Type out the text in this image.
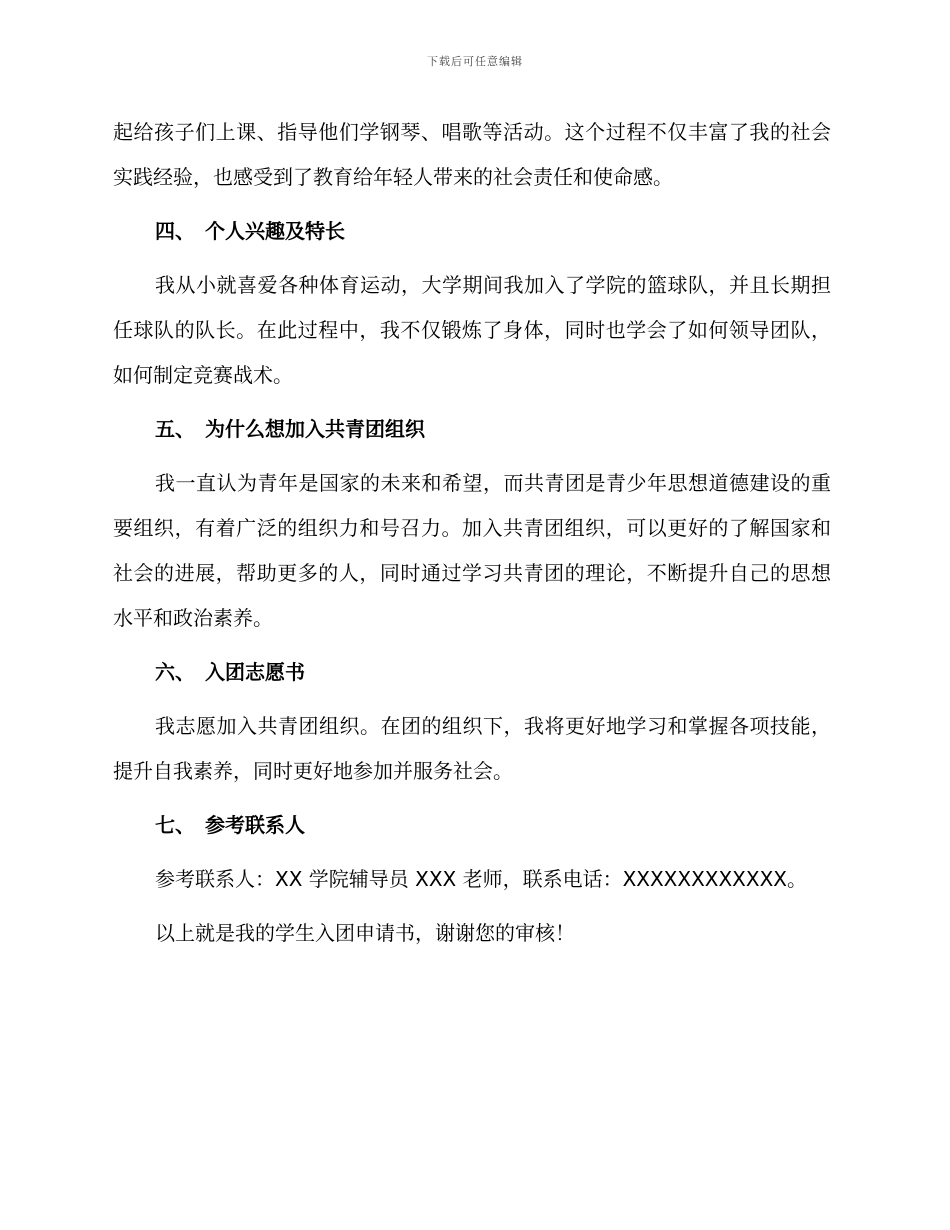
下载后可任意编辑

起给孩子们上课、指导他们学钢琴、唱歌等活动。这个过程不仅丰富了我的社会实践经验，也感受到了教育给年轻人带来的社会责任和使命感。

四、 个人兴趣及特长

我从小就喜爱各种体育运动，大学期间我加入了学院的篮球队，并且长期担任球队的队长。在此过程中，我不仅锻炼了身体，同时也学会了如何领导团队，如何制定竞赛战术。

五、 为什么想加入共青团组织

我一直认为青年是国家的未来和希望，而共青团是青少年思想道德建设的重要组织，有着广泛的组织力和号召力。加入共青团组织，可以更好的了解国家和社会的进展，帮助更多的人，同时通过学习共青团的理论，不断提升自己的思想水平和政治素养。

六、 入团志愿书

我志愿加入共青团组织。在团的组织下，我将更好地学习和掌握各项技能，提升自我素养，同时更好地参加并服务社会。

七、 参考联系人

参考联系人：XX 学院辅导员 XXX 老师，联系电话：XXXXXXXXXXXX。

以上就是我的学生入团申请书，谢谢您的审核！
